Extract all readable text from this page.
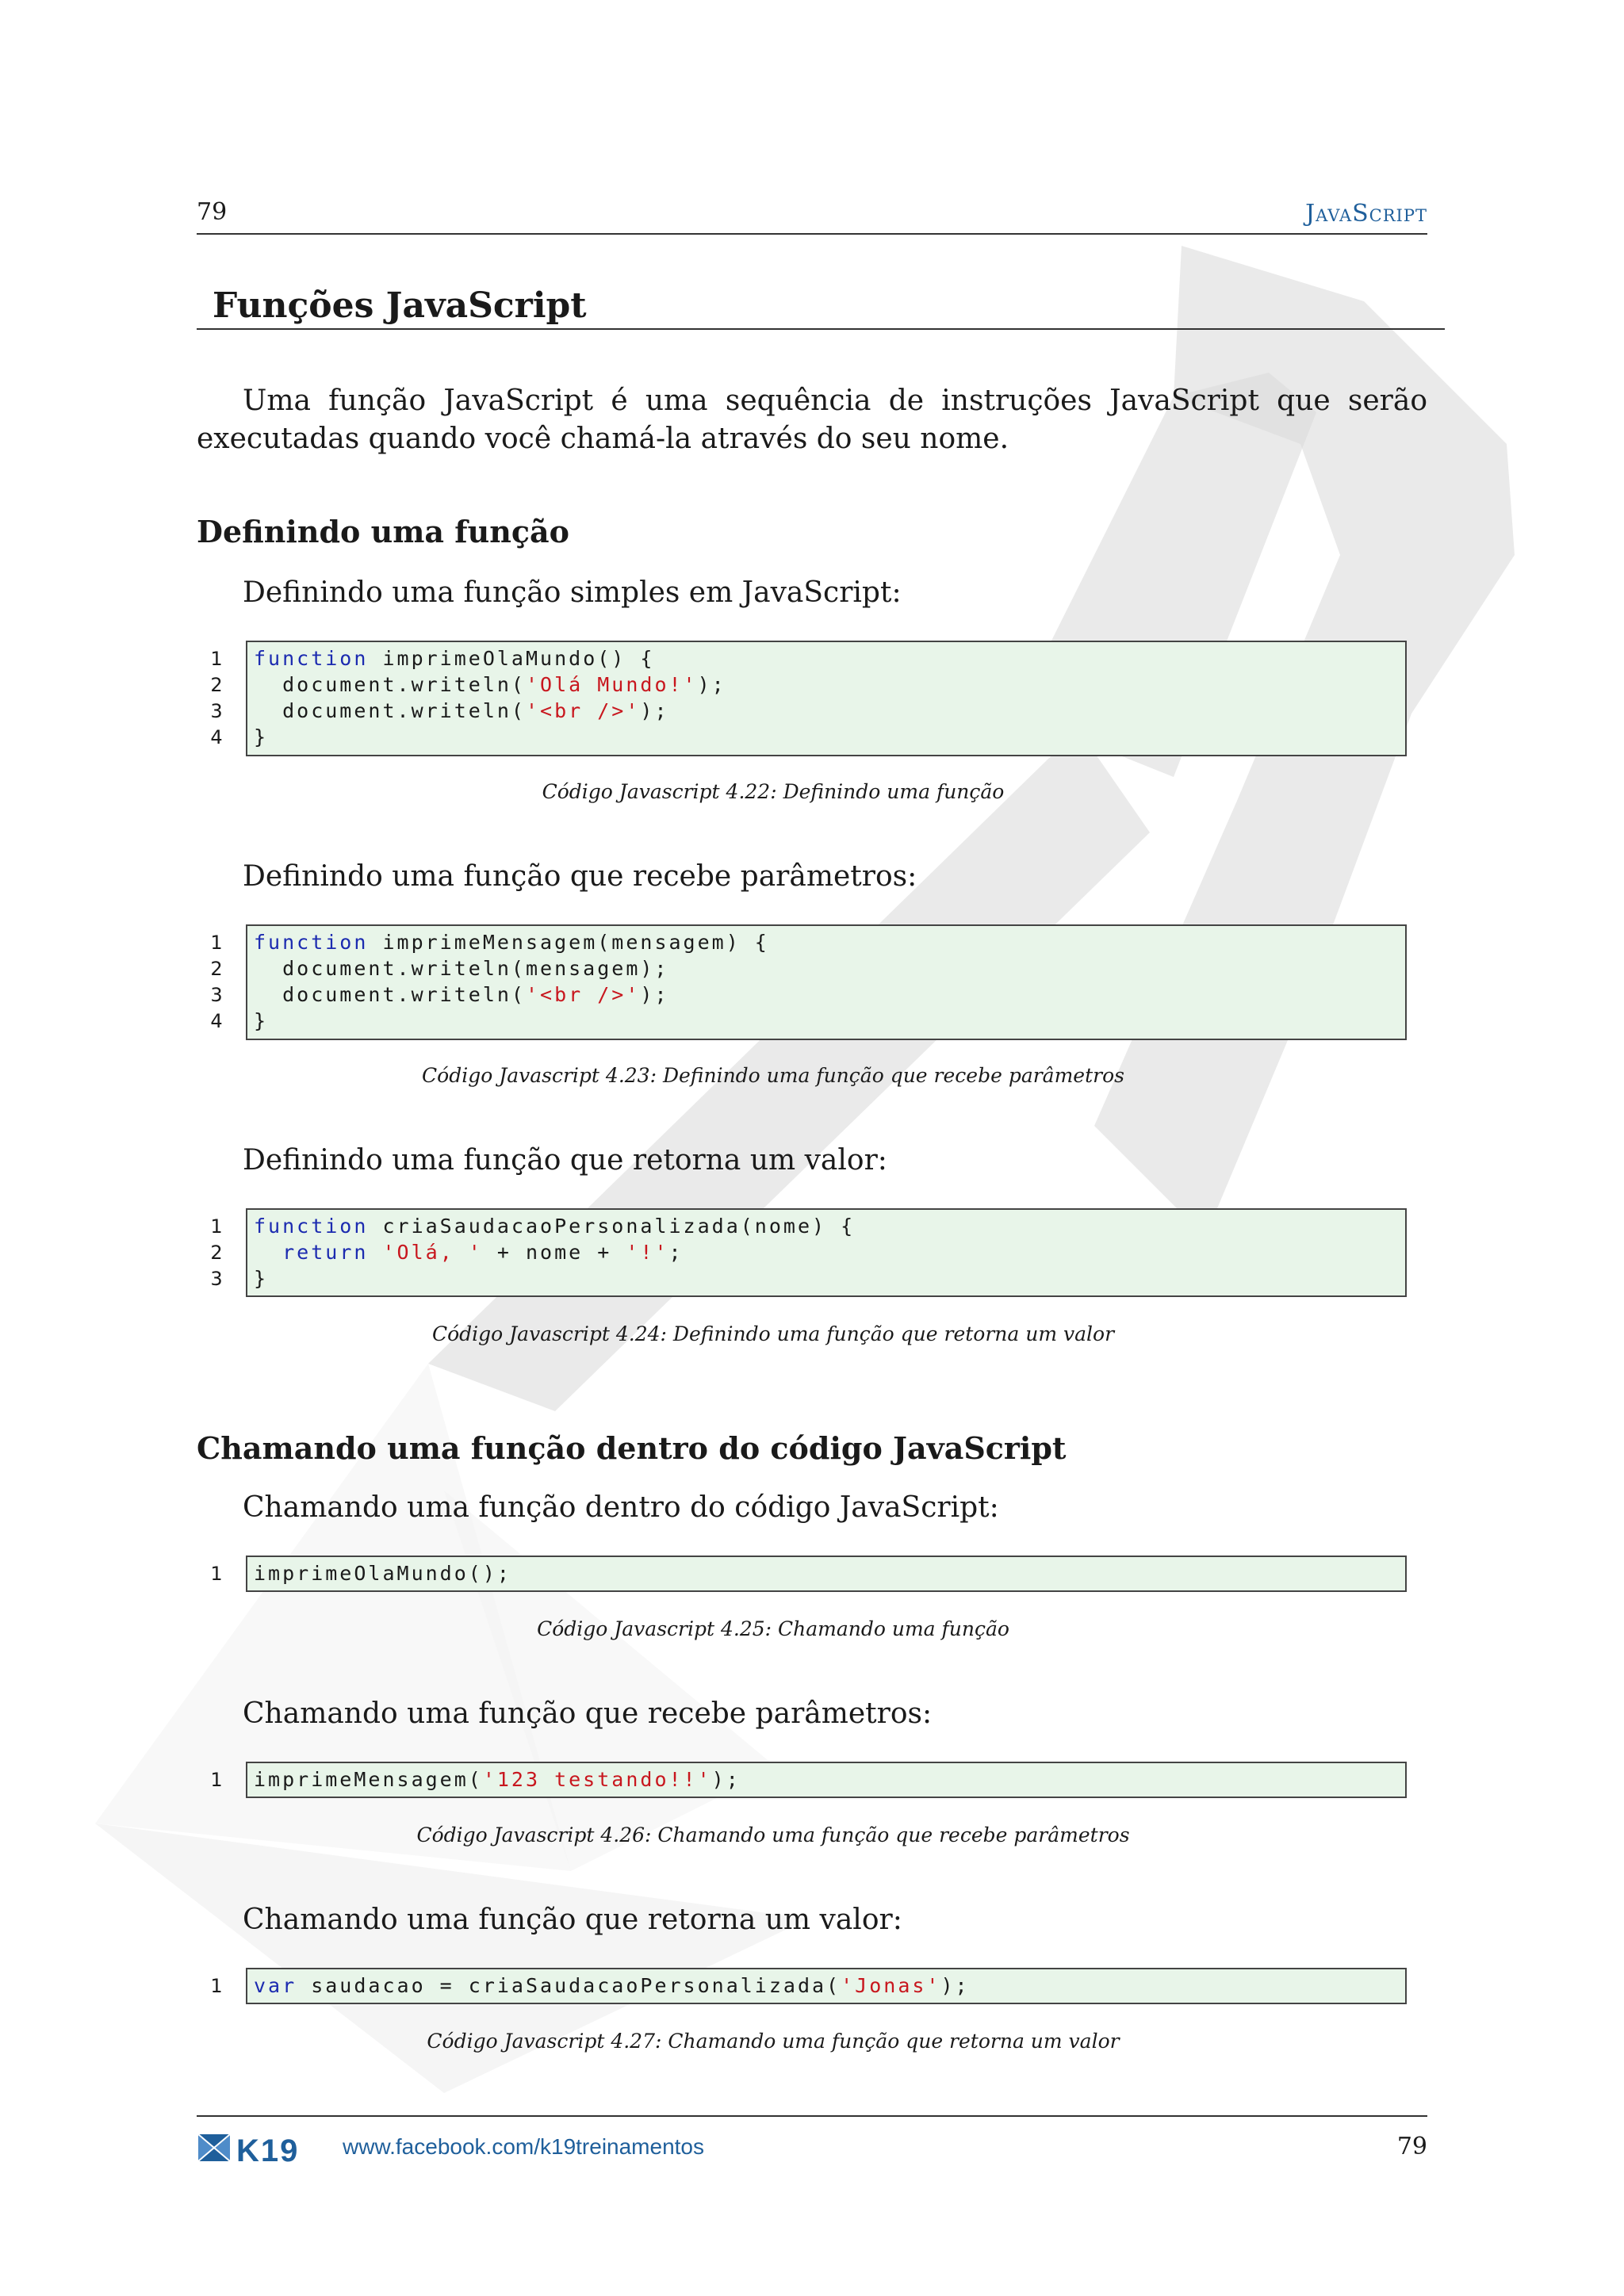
79	JavaScript
Funções JavaScript
Uma função JavaScript é uma sequência de instruções JavaScript que serão executadas quando você chamá-la através do seu nome.
Definindo uma função
Definindo uma função simples em JavaScript:
1
2
3
4
function imprimeOlaMundo() {
document.writeln('Olá Mundo!');
document.writeln('<br />');
}
Código Javascript 4.22: Definindo uma função
Definindo uma função que recebe parâmetros:
1
2
3
4
function imprimeMensagem(mensagem) {
document.writeln(mensagem);
document.writeln('<br />');
}
Código Javascript 4.23: Definindo uma função que recebe parâmetros
Definindo uma função que retorna um valor:
1
2
3
function criaSaudacaoPersonalizada(nome) {
return 'Olá, ' + nome + '!';
}
Código Javascript 4.24: Definindo uma função que retorna um valor
Chamando uma função dentro do código JavaScript
Chamando uma função dentro do código JavaScript:
1 imprimeOlaMundo();
Código Javascript 4.25: Chamando uma função
Chamando uma função que recebe parâmetros:
1 imprimeMensagem('123 testando!!');
Código Javascript 4.26: Chamando uma função que recebe parâmetros
Chamando uma função que retorna um valor:
1 var saudacao = criaSaudacaoPersonalizada('Jonas');
Código Javascript 4.27: Chamando uma função que retorna um valor
K19 www.facebook.com/k19treinamentos	79
